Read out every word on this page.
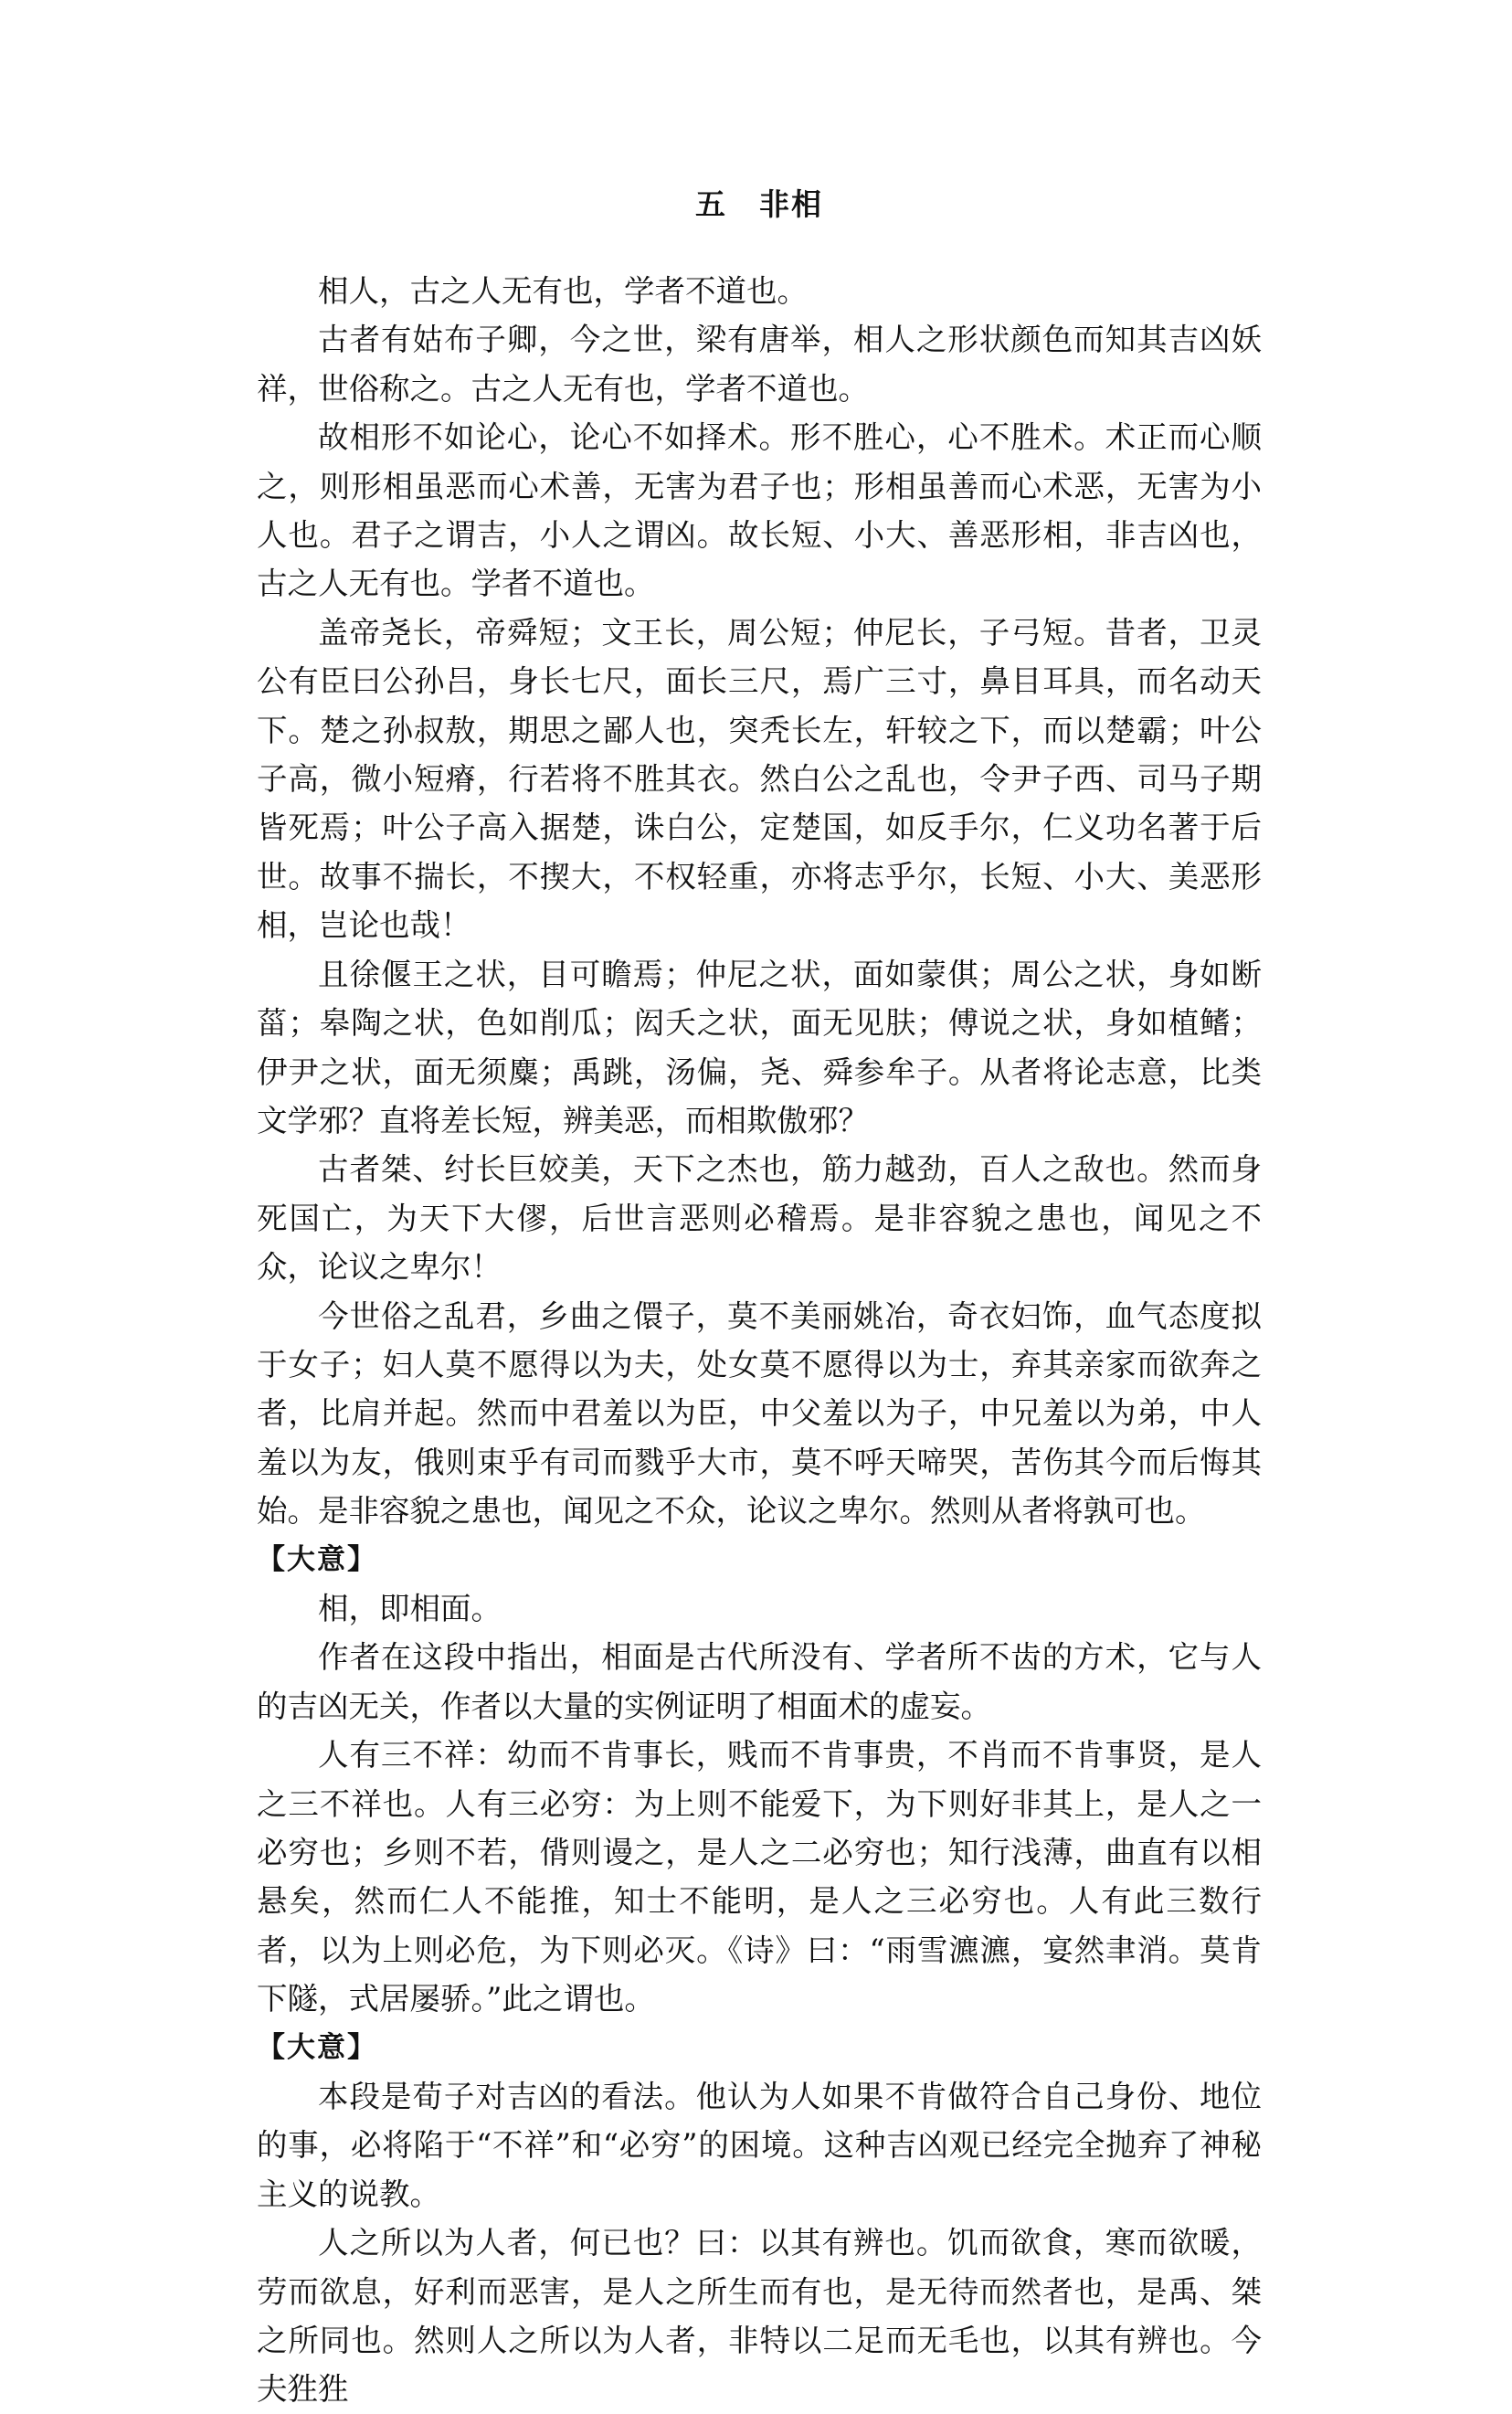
五　非相

相人，古之人无有也，学者不道也。

古者有姑布子卿，今之世，梁有唐举，相人之形状颜色而知其吉凶妖祥，世俗称之。古之人无有也，学者不道也。

故相形不如论心，论心不如择术。形不胜心，心不胜术。术正而心顺之，则形相虽恶而心术善，无害为君子也；形相虽善而心术恶，无害为小人也。君子之谓吉，小人之谓凶。故长短、小大、善恶形相，非吉凶也，古之人无有也。学者不道也。

盖帝尧长，帝舜短；文王长，周公短；仲尼长，子弓短。昔者，卫灵公有臣曰公孙吕，身长七尺，面长三尺，焉广三寸，鼻目耳具，而名动天下。楚之孙叔敖，期思之鄙人也，突秃长左，轩较之下，而以楚霸；叶公子高，微小短瘠，行若将不胜其衣。然白公之乱也，令尹子西、司马子期皆死焉；叶公子高入据楚，诛白公，定楚国，如反手尔，仁义功名著于后世。故事不揣长，不揳大，不权轻重，亦将志乎尔，长短、小大、美恶形相，岂论也哉！

且徐偃王之状，目可瞻焉；仲尼之状，面如蒙倛；周公之状，身如断菑；皋陶之状，色如削瓜；闳夭之状，面无见肤；傅说之状，身如植鳍；伊尹之状，面无须麋；禹跳，汤偏，尧、舜参牟子。从者将论志意，比类文学邪？直将差长短，辨美恶，而相欺傲邪？

古者桀、纣长巨姣美，天下之杰也，筋力越劲，百人之敌也。然而身死国亡，为天下大僇，后世言恶则必稽焉。是非容貌之患也，闻见之不众，论议之卑尔！

今世俗之乱君，乡曲之儇子，莫不美丽姚冶，奇衣妇饰，血气态度拟于女子；妇人莫不愿得以为夫，处女莫不愿得以为士，弃其亲家而欲奔之者，比肩并起。然而中君羞以为臣，中父羞以为子，中兄羞以为弟，中人羞以为友，俄则束乎有司而戮乎大市，莫不呼天啼哭，苦伤其今而后悔其始。是非容貌之患也，闻见之不众，论议之卑尔。然则从者将孰可也。

【大意】

相，即相面。

作者在这段中指出，相面是古代所没有、学者所不齿的方术，它与人的吉凶无关，作者以大量的实例证明了相面术的虚妄。

人有三不祥：幼而不肯事长，贱而不肯事贵，不肖而不肯事贤，是人之三不祥也。人有三必穷：为上则不能爱下，为下则好非其上，是人之一必穷也；乡则不若，偝则谩之，是人之二必穷也；知行浅薄，曲直有以相悬矣，然而仁人不能推，知士不能明，是人之三必穷也。人有此三数行者，以为上则必危，为下则必灭。《诗》曰：“雨雪瀌瀌，宴然聿消。莫肯下隧，式居屡骄。”此之谓也。

【大意】

本段是荀子对吉凶的看法。他认为人如果不肯做符合自己身份、地位的事，必将陷于“不祥”和“必穷”的困境。这种吉凶观已经完全抛弃了神秘主义的说教。

人之所以为人者，何已也？曰：以其有辨也。饥而欲食，寒而欲暖，劳而欲息，好利而恶害，是人之所生而有也，是无待而然者也，是禹、桀之所同也。然则人之所以为人者，非特以二足而无毛也，以其有辨也。今夫狌狌
